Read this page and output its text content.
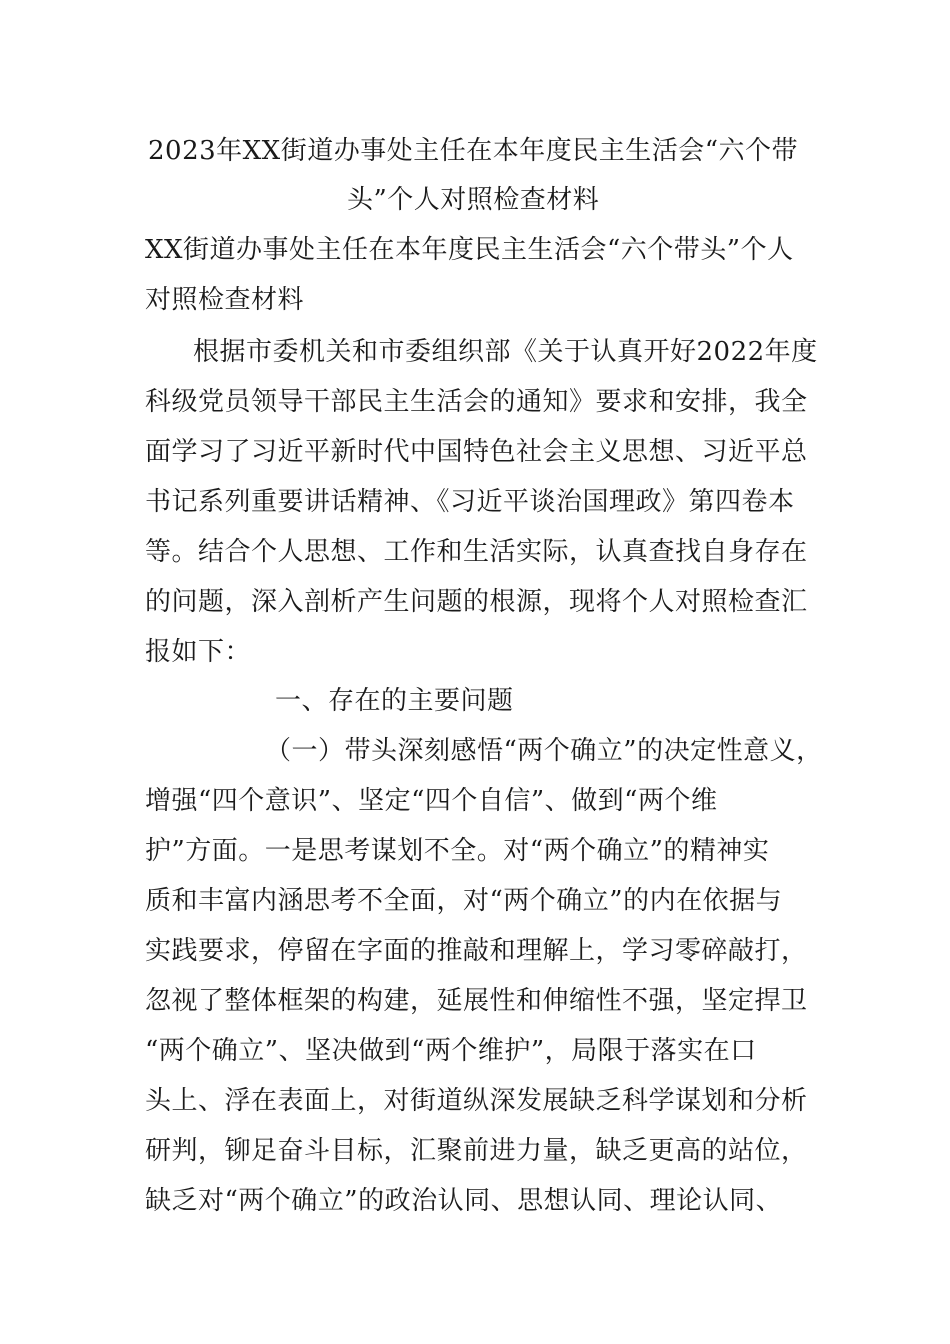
2023年XX街道办事处主任在本年度民主生活会“六个带
头”个人对照检查材料
XX街道办事处主任在本年度民主生活会“六个带头”个人
对照检查材料
根据市委机关和市委组织部《关于认真开好2022年度
科级党员领导干部民主生活会的通知》要求和安排，我全
面学习了习近平新时代中国特色社会主义思想、习近平总
书记系列重要讲话精神、《习近平谈治国理政》第四卷本
等。结合个人思想、工作和生活实际，认真查找自身存在
的问题，深入剖析产生问题的根源，现将个人对照检查汇
报如下：
一、存在的主要问题
（一）带头深刻感悟“两个确立”的决定性意义，
增强“四个意识”、坚定“四个自信”、做到“两个维
护”方面。一是思考谋划不全。对“两个确立”的精神实
质和丰富内涵思考不全面，对“两个确立”的内在依据与
实践要求，停留在字面的推敲和理解上，学习零碎敲打，
忽视了整体框架的构建，延展性和伸缩性不强，坚定捍卫
“两个确立”、坚决做到“两个维护”，局限于落实在口
头上、浮在表面上，对街道纵深发展缺乏科学谋划和分析
研判，铆足奋斗目标，汇聚前进力量，缺乏更高的站位，
缺乏对“两个确立”的政治认同、思想认同、理论认同、
